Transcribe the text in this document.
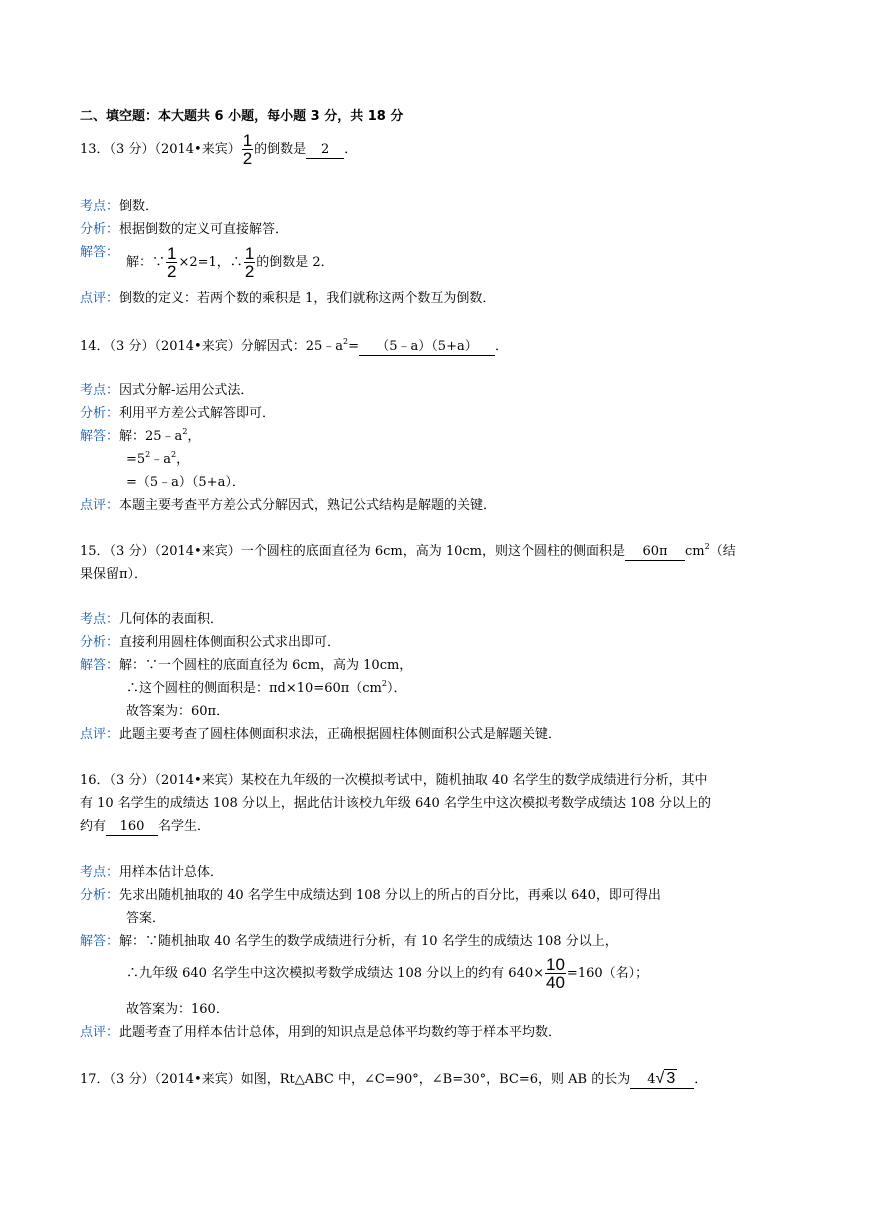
二、填空题：本大题共 6 小题，每小题 3 分，共 18 分
13．（3 分）（2014•来宾） $\frac{1}{2}$ 的倒数是 2 ．
考点：倒数．
分析：根据倒数的定义可直接解答．
解答：
解：∵ $\frac{1}{2} \times 2=1$，∴ $\frac{1}{2}$ 的倒数是 2．
点评：倒数的定义：若两个数的乘积是 1，我们就称这两个数互为倒数．
14．（3 分）（2014•来宾）分解因式：$25﹣a^2=$ （5﹣a）（5+a） ．
考点：因式分解-运用公式法．
分析：利用平方差公式解答即可．
解答：解：$25﹣a^2$，
$=5^2﹣a^2$，
=（5﹣a）（5+a）．
点评：本题主要考查平方差公式分解因式，熟记公式结构是解题的关键．
15．（3 分）（2014•来宾）一个圆柱的底面直径为 6cm，高为 10cm，则这个圆柱的侧面积是 60π $cm^2$（结
果保留π）．
考点：几何体的表面积．
分析：直接利用圆柱体侧面积公式求出即可．
解答：解：∵一个圆柱的底面直径为 6cm，高为 10cm，
∴这个圆柱的侧面积是：$\pi d\times 10=60\pi(cm^2)$．
故答案为：60π．
点评：此题主要考查了圆柱体侧面积求法，正确根据圆柱体侧面积公式是解题关键．
16．（3 分）（2014•来宾）某校在九年级的一次模拟考试中，随机抽取 40 名学生的数学成绩进行分析，其中
有 10 名学生的成绩达 108 分以上，据此估计该校九年级 640 名学生中这次模拟考数学成绩达 108 分以上的
约有 160 名学生．
考点：用样本估计总体．
分析：先求出随机抽取的 40 名学生中成绩达到 108 分以上的所占的百分比，再乘以 640，即可得出
答案．
解答：解：∵随机抽取 40 名学生的数学成绩进行分析，有 10 名学生的成绩达 108 分以上，
∴九年级 640 名学生中这次模拟考数学成绩达 108 分以上的约有 $640\times \frac{10}{40} =160$（名）；
故答案为：160．
点评：此题考查了用样本估计总体，用到的知识点是总体平均数约等于样本平均数．
17．（3 分）（2014•来宾）如图，Rt△ABC 中，∠C=90°，∠B=30°，BC=6，则 AB 的长为 4√ 3 ．
